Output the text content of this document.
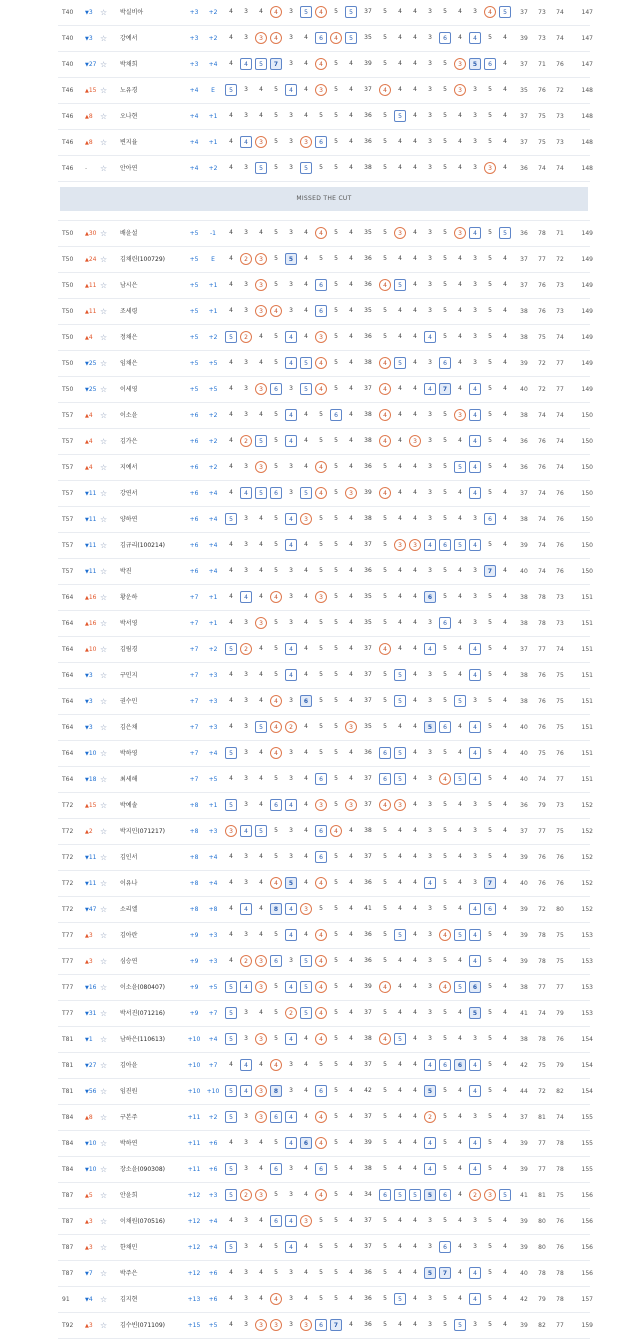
T40 ▼3 ☆ 박실비아	+3	+2	4	3	4	4	3	5	4	5	5	37	5	4	4	3	5	4	3	4	5	37	73	74	147
T40 ▼3 ☆ 강예서	+3	+2	4	3	3	4	3	4	6	4	5	35	5	4	4	3	6	4	4	5	4	39	73	74	147
T40 ▼27 ☆ 박채희	+3	+4	4	4	5	7	3	4	4	5	4	39	5	4	4	3	5	3	5	6	4	37	71	76	147
T46 ▲15 ☆ 노유경	+4	E	5	3	4	5	4	4	3	5	4	37	4	4	4	3	5	3	3	5	4	35	76	72	148
T46 ▲8 ☆ 오나현	+4	+1	4	3	4	5	3	4	5	5	4	36	5	5	4	3	5	4	3	5	4	37	75	73	148
T46 ▲8 ☆ 변지율	+4	+1	4	4	3	5	3	3	6	5	4	36	5	4	4	3	5	4	3	5	4	37	75	73	148
T46 -	☆ 안아연	+4	+2	4	3	5	5	3	5	5	5	4	38	5	4	4	3	5	4	3	3	4	36	74	74	148
MISSED THE CUT
T50 ▲30 ☆ 배윤설	+5	-1	4	3	4	5	3	4	4	5	4	35	5	3	4	3	5	3	4	5	5	36	78	71	149
T50 ▲24 ☆ 김채린(100729)	+5	E	4	2	3	5	5	4	5	5	4	36	5	4	4	3	5	4	3	5	4	37	77	72	149
T50 ▲11 ☆ 남시은	+5	+1	4	3	3	5	3	4	6	5	4	36	4	5	4	3	5	4	3	5	4	37	76	73	149
T50 ▲11 ☆ 조세령	+5	+1	4	3	3	4	3	4	6	5	4	35	5	4	4	3	5	4	3	5	4	38	76	73	149
T50 ▲4 ☆ 정채은	+5	+2	5	2	4	5	4	4	3	5	4	36	5	4	4	4	5	4	3	5	4	38	75	74	149
T50 ▼25 ☆ 임채은	+5	+5	4	3	4	5	4	5	4	5	4	38	4	5	4	3	6	4	3	5	4	39	72	77	149
T50 ▼25 ☆ 이세영	+5	+5	4	3	3	6	3	5	4	5	4	37	4	4	4	4	7	4	4	5	4	40	72	77	149
T57 ▲4 ☆ 이소윤	+6	+2	4	3	4	5	4	4	5	6	4	38	4	4	4	3	5	3	4	5	4	38	74	74	150
T57 ▲4 ☆ 김가은	+6	+2	4	2	5	5	4	4	5	5	4	38	4	4	3	3	5	4	4	5	4	36	76	74	150
T57 ▲4 ☆ 지예서	+6	+2	4	3	3	5	3	4	4	5	4	36	5	4	4	3	5	5	4	5	4	36	76	74	150
T57 ▼11 ☆ 강연서	+6	+4	4	4	5	6	3	5	4	5	3	39	4	4	4	3	5	4	4	5	4	37	74	76	150
T57 ▼11 ☆ 양하연	+6	+4	5	3	4	5	4	3	5	5	4	38	5	4	4	3	5	4	3	6	4	38	74	76	150
T57 ▼11 ☆ 김규리(100214)	+6	+4	4	3	4	5	4	4	5	5	4	37	5	3	3	4	6	5	4	5	4	39	74	76	150
T57 ▼11 ☆ 박진	+6	+4	4	3	4	5	3	4	5	5	4	36	5	4	4	3	5	4	3	7	4	40	74	76	150
T64 ▲16 ☆ 황운하	+7	+1	4	4	4	4	3	4	3	5	4	35	5	4	4	6	5	4	3	5	4	38	78	73	151
T64 ▲16 ☆ 박서영	+7	+1	4	3	3	5	3	4	5	5	4	35	5	4	4	3	6	4	3	5	4	38	78	73	151
T64 ▲10 ☆ 김림경	+7	+2	5	2	4	5	4	4	5	5	4	37	4	4	4	4	5	4	4	5	4	37	77	74	151
T64 ▼3 ☆ 구민지	+7	+3	4	3	4	5	4	4	5	5	4	37	5	5	4	3	5	4	4	5	4	38	76	75	151
T64 ▼3 ☆ 권수민	+7	+3	4	3	4	4	3	6	5	5	4	37	5	5	4	3	5	5	3	5	4	38	76	75	151
T64 ▼3 ☆ 김은채	+7	+3	4	3	5	4	2	4	5	5	3	35	5	4	4	5	6	4	4	5	4	40	76	75	151
T64 ▼10 ☆ 박하영	+7	+4	5	3	4	4	3	4	5	5	4	36	6	5	4	3	5	4	4	5	4	40	75	76	151
T64 ▼18 ☆ 최세해	+7	+5	4	3	4	5	3	4	6	5	4	37	6	5	4	3	4	5	4	5	4	40	74	77	151
T72 ▲15 ☆ 박예솔	+8	+1	5	3	4	6	4	4	3	5	3	37	4	3	4	3	5	4	3	5	4	36	79	73	152
T72 ▲2 ☆ 박지민(071217)	+8	+3	3	4	5	5	3	4	6	4	4	38	5	4	4	3	5	4	3	5	4	37	77	75	152
T72 ▼11 ☆ 김인서	+8	+4	4	3	4	5	3	4	6	5	4	37	5	4	4	3	5	4	3	5	4	39	76	76	152
T72 ▼11 ☆ 이유나	+8	+4	4	3	4	4	5	4	4	5	4	36	5	4	4	4	5	4	3	7	4	40	76	76	152
T72 ▼47 ☆ 소리엘	+8	+8	4	4	4	8	4	3	5	5	4	41	5	4	4	3	5	4	4	6	4	39	72	80	152
T77 ▲3 ☆ 김아란	+9	+3	4	3	4	5	4	4	4	5	4	36	5	5	4	3	4	5	4	5	4	39	78	75	153
T77 ▲3 ☆ 심승연	+9	+3	4	2	3	6	3	5	4	5	4	36	5	4	4	3	5	4	4	5	4	39	78	75	153
T77 ▼16 ☆ 이소윤(080407)	+9	+5	5	4	3	5	4	5	4	5	4	39	4	4	4	3	4	5	6	5	4	38	77	77	153
T77 ▼31 ☆ 박서진(071216)	+9	+7	5	3	4	5	2	5	4	5	4	37	5	4	4	3	5	4	5	5	4	41	74	79	153
T81 ▼1 ☆ 남하은(110613)	+10	+4	5	3	3	5	4	4	4	5	4	38	4	5	4	3	5	4	3	5	4	38	78	76	154
T81 ▼27 ☆ 김아윤	+10	+7	4	4	4	4	3	4	5	5	4	37	5	4	4	4	6	6	4	5	4	42	75	79	154
T81 ▼56 ☆ 임진원	+10 +10	5	4	3	8	3	4	6	5	4	42	5	4	4	5	5	4	4	5	4	44	72	82	154
T84 ▲8 ☆ 구본주	+11	+2	5	3	3	6	4	4	4	5	4	37	5	4	4	2	5	4	3	5	4	37	81	74	155
T84 ▼10 ☆ 박하연	+11	+6	4	3	4	5	4	6	4	5	4	39	5	4	4	4	5	4	4	5	4	39	77	78	155
T84 ▼10 ☆ 장소윤(090308)	+11	+6	5	3	4	6	3	4	6	5	4	38	5	4	4	4	5	4	4	5	4	39	77	78	155
T87 ▲5 ☆ 안윤희	+12	+3	5	2	3	5	3	4	4	5	4	34	6	5	5	5	6	4	2	3	5	41	81	75	156
T87 ▲3 ☆ 이채원(070516)	+12	+4	4	3	4	6	4	3	5	5	4	37	5	4	4	3	5	4	3	5	4	39	80	76	156
T87 ▲3 ☆ 한채민	+12	+4	5	3	4	5	4	4	5	5	4	37	5	4	4	3	6	4	3	5	4	39	80	76	156
T87 ▼7 ☆ 박주은	+12	+6	4	3	4	5	3	4	5	5	4	36	5	4	4	5	7	4	4	5	4	40	78	78	156
91	▼4 ☆ 김지현	+13	+6	4	3	4	4	3	4	5	5	4	36	5	5	4	3	5	4	4	5	4	42	79	78	157
T92 ▲3 ☆ 김수빈(071109)	+15	+5	4	3	3	3	3	3	6	7	4	36	5	4	4	3	5	5	3	5	4	39	82	77	159
